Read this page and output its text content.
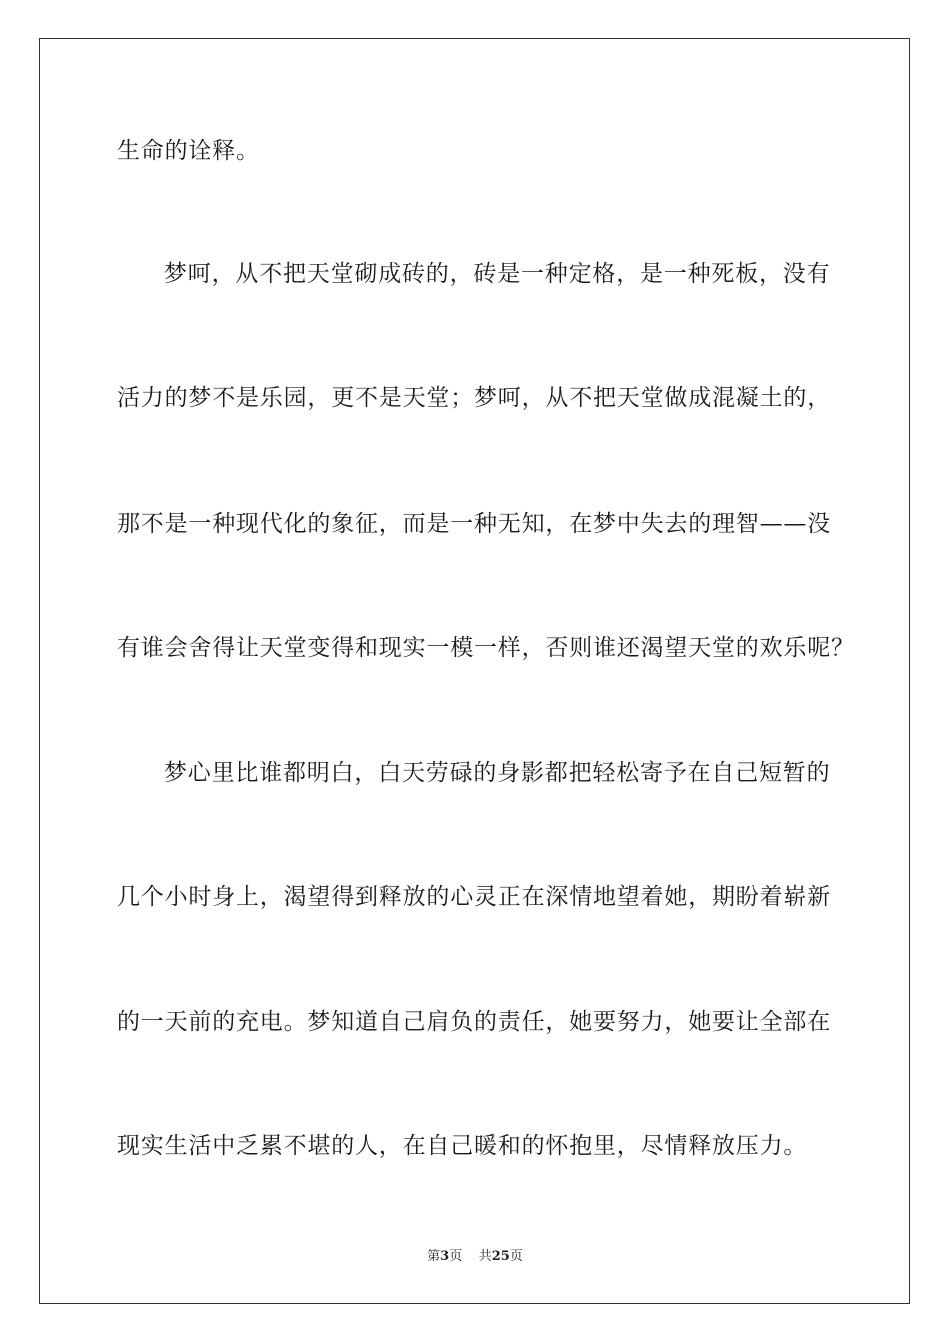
生命的诠释。

梦呵，从不把天堂砌成砖的，砖是一种定格，是一种死板，没有

活力的梦不是乐园，更不是天堂；梦呵，从不把天堂做成混凝土的，

那不是一种现代化的象征，而是一种无知，在梦中失去的理智——没

有谁会舍得让天堂变得和现实一模一样，否则谁还渴望天堂的欢乐呢？

梦心里比谁都明白，白天劳碌的身影都把轻松寄予在自己短暂的

几个小时身上，渴望得到释放的心灵正在深情地望着她，期盼着崭新

的一天前的充电。梦知道自己肩负的责任，她要努力，她要让全部在

现实生活中乏累不堪的人，在自己暖和的怀抱里，尽情释放压力。

第3页 共25页
